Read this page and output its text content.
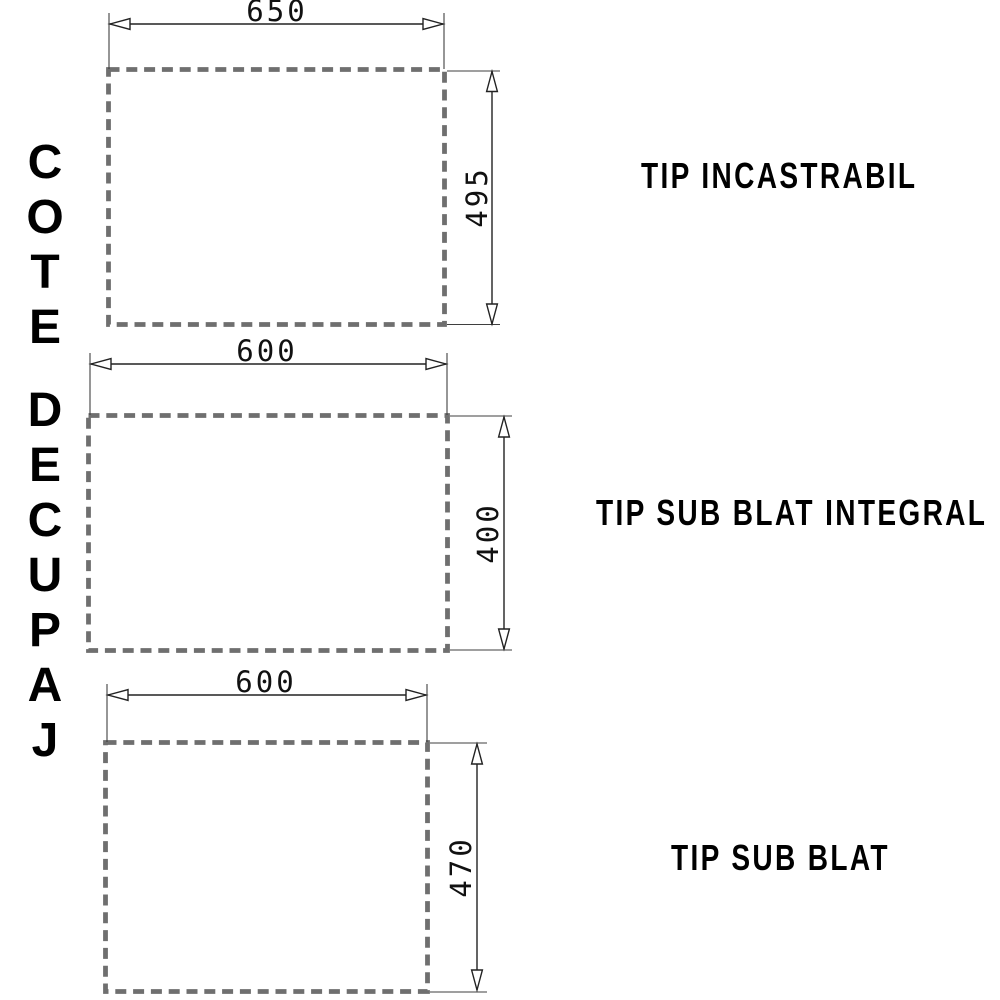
650
495
600
400
600
470
C
O
T
E
D
E
C
U
P
A
J
TIP INCASTRABIL
TIP SUB BLAT INTEGRAL
TIP SUB BLAT
